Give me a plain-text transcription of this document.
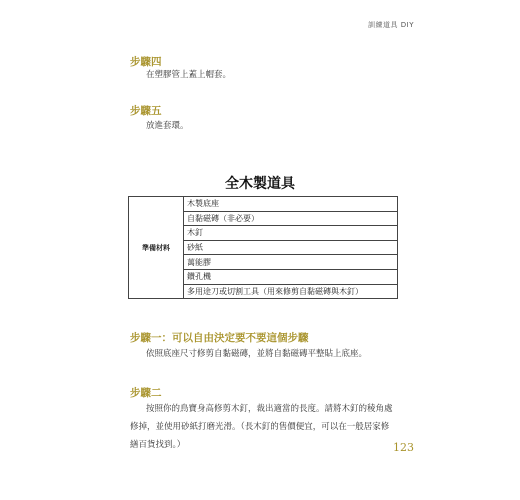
訓練道具 DIY
步驟四
在塑膠管上蓋上帽套。
步驟五
放進套環。
全木製道具
準備材料	木製底座
自黏磁磚（非必要）
木釘
砂紙
萬能膠
鑽孔機
多用途刀或切割工具（用來修剪自黏磁磚與木釘）
步驟一：可以自由決定要不要這個步驟
依照底座尺寸修剪自黏磁磚，並將自黏磁磚平整貼上底座。
步驟二
按照你的鳥寶身高修剪木釘，裁出適當的長度。請將木釘的稜角處
修掉，並使用砂紙打磨光滑。（長木釘的售價便宜，可以在一般居家修
繕百貨找到。）	123
